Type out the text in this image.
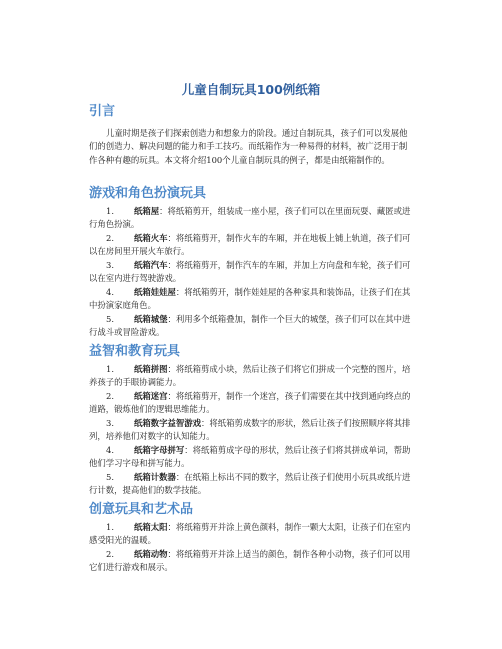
儿童自制玩具100例纸箱
引言

儿童时期是孩子们探索创造力和想象力的阶段。通过自制玩具，孩子们可以发展他们的创造力、解决问题的能力和手工技巧。而纸箱作为一种易得的材料，被广泛用于制作各种有趣的玩具。本文将介绍100个儿童自制玩具的例子，都是由纸箱制作的。

游戏和角色扮演玩具

1. 纸箱屋：将纸箱剪开，组装成一座小屋，孩子们可以在里面玩耍、藏匿或进行角色扮演。

2. 纸箱火车：将纸箱剪开，制作火车的车厢，并在地板上铺上轨道，孩子们可以在房间里开展火车旅行。

3. 纸箱汽车：将纸箱剪开，制作汽车的车厢，并加上方向盘和车轮，孩子们可以在室内进行驾驶游戏。

4. 纸箱娃娃屋：将纸箱剪开，制作娃娃屋的各种家具和装饰品，让孩子们在其中扮演家庭角色。

5. 纸箱城堡：利用多个纸箱叠加，制作一个巨大的城堡，孩子们可以在其中进行战斗或冒险游戏。

益智和教育玩具

1. 纸箱拼图：将纸箱剪成小块，然后让孩子们将它们拼成一个完整的图片，培养孩子的手眼协调能力。

2. 纸箱迷宫：将纸箱剪开，制作一个迷宫，孩子们需要在其中找到通向终点的道路，锻炼他们的逻辑思维能力。

3. 纸箱数字益智游戏：将纸箱剪成数字的形状，然后让孩子们按照顺序将其排列，培养他们对数字的认知能力。

4. 纸箱字母拼写：将纸箱剪成字母的形状，然后让孩子们将其拼成单词，帮助他们学习字母和拼写能力。

5. 纸箱计数器：在纸箱上标出不同的数字，然后让孩子们使用小玩具或纸片进行计数，提高他们的数学技能。

创意玩具和艺术品

1. 纸箱太阳：将纸箱剪开并涂上黄色颜料，制作一颗大太阳，让孩子们在室内感受阳光的温暖。

2. 纸箱动物：将纸箱剪开并涂上适当的颜色，制作各种小动物，孩子们可以用它们进行游戏和展示。
